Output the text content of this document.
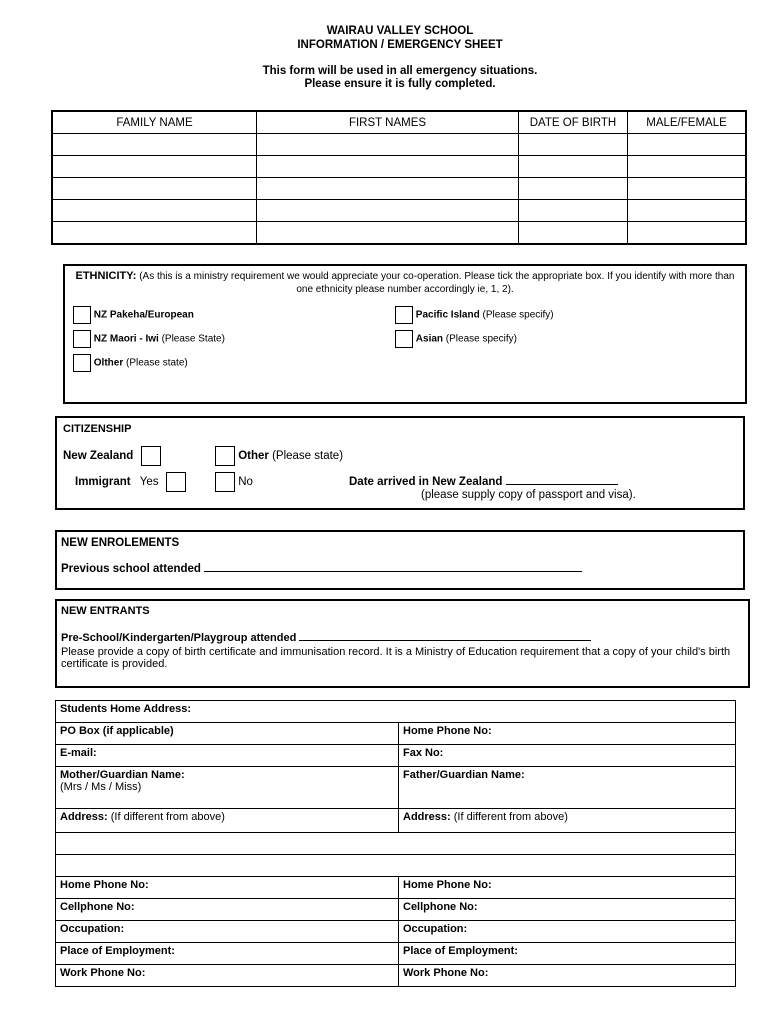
WAIRAU VALLEY SCHOOL
INFORMATION / EMERGENCY SHEET
This form will be used in all emergency situations.
Please ensure it is fully completed.
FAMILY NAME	FIRST NAMES	DATE OF BIRTH	MALE/FEMALE

ETHNICITY: (As this is a ministry requirement we would appreciate your co-operation. Please tick the appropriate box. If you identify with more than one ethnicity please number accordingly ie, 1, 2).
NZ Pakeha/European	Pacific Island (Please specify)
NZ Maori - Iwi (Please State)	Asian (Please specify)
Olther (Please state)
CITIZENSHIP
New Zealand	Other (Please state)
Immigrant Yes	No	Date arrived in New Zealand
(please supply copy of passport and visa).
NEW ENROLEMENTS
Previous school attended
NEW ENTRANTS
Pre-School/Kindergarten/Playgroup attended
Please provide a copy of birth certificate and immunisation record. It is a Ministry of Education requirement that a copy of your child's birth certificate is provided.
Students Home Address:	
PO Box (if applicable)	Home Phone No:
E-mail:	Fax No:

Mother/Guardian Name:
(Mrs / Ms / Miss)	Father/Guardian Name:
Address: (If different from above)	Address: (If different from above)

Home Phone No:	Home Phone No:
Cellphone No:	Cellphone No:
Occupation:	Occupation:
Place of Employment:	Place of Employment:
Work Phone No:	Work Phone No:
